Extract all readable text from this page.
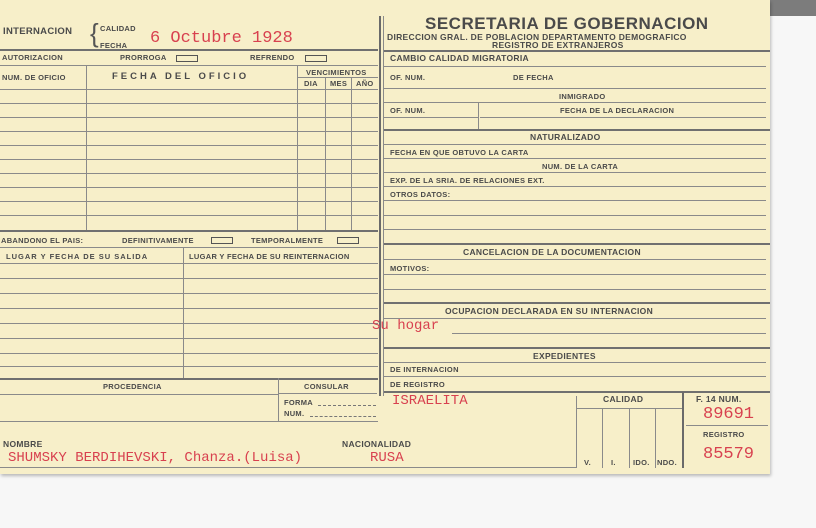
INTERNACION { CALIDAD
FECHA 6 Octubre 1928
AUTORIZACION	PRORROGA	REFRENDO
NUM. DE OFICIO	FECHA DEL OFICIO	VENCIMIENTOS
DIA MES AÑO
ABANDONO EL PAIS:	DEFINITIVAMENTE	TEMPORALMENTE
LUGAR Y FECHA DE SU SALIDA	LUGAR Y FECHA DE SU REINTERNACION
PROCEDENCIA	CONSULAR
FORMA
NUM.
SECRETARIA DE GOBERNACION
DIRECCION GRAL. DE POBLACION DEPARTAMENTO DEMOGRAFICO
REGISTRO DE EXTRANJEROS
CAMBIO CALIDAD MIGRATORIA
OF. NUM.	DE FECHA
INMIGRADO
OF. NUM.	FECHA DE LA DECLARACION
NATURALIZADO
FECHA EN QUE OBTUVO LA CARTA
NUM. DE LA CARTA
EXP. DE LA SRIA. DE RELACIONES EXT.
OTROS DATOS:
CANCELACION DE LA DOCUMENTACION
MOTIVOS:
OCUPACION DECLARADA EN SU INTERNACION
Su hogar
EXPEDIENTES
DE INTERNACION
DE REGISTRO
ISRAELITA	CALIDAD
V.	I. IDO. NDO.
F. 14 NUM.
89691
REGISTRO
85579
NOMBRE	NACIONALIDAD
SHUMSKY BERDIHEVSKI, Chanza.(Luisa)	RUSA
